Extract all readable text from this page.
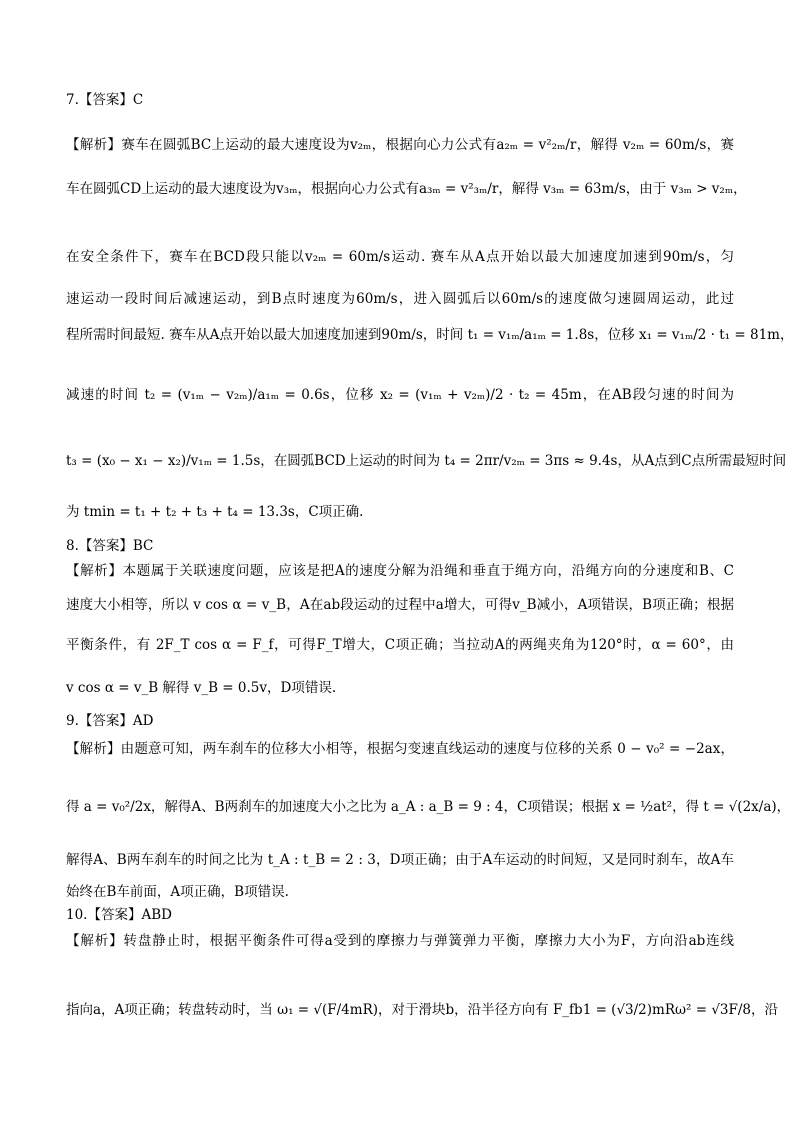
7.【答案】C
【解析】赛车在圆弧BC上运动的最大速度设为v₂ₘ，根据向心力公式有a₂ₘ = v²₂ₘ/r，解得 v₂ₘ = 60m/s，赛
车在圆弧CD上运动的最大速度设为v₃ₘ，根据向心力公式有a₃ₘ = v²₃ₘ/r，解得 v₃ₘ = 63m/s，由于 v₃ₘ > v₂ₘ，
在安全条件下，赛车在BCD段只能以v₂ₘ = 60m/s运动. 赛车从A点开始以最大加速度加速到90m/s，匀
速运动一段时间后减速运动，到B点时速度为60m/s，进入圆弧后以60m/s的速度做匀速圆周运动，此过
程所需时间最短. 赛车从A点开始以最大加速度加速到90m/s，时间 t₁ = v₁ₘ/a₁ₘ = 1.8s，位移 x₁ = v₁ₘ/2 · t₁ = 81m，
减速的时间 t₂ = (v₁ₘ − v₂ₘ)/a₁ₘ = 0.6s，位移 x₂ = (v₁ₘ + v₂ₘ)/2 · t₂ = 45m，在AB段匀速的时间为
t₃ = (x₀ − x₁ − x₂)/v₁ₘ = 1.5s，在圆弧BCD上运动的时间为 t₄ = 2πr/v₂ₘ = 3πs ≈ 9.4s，从A点到C点所需最短时间
为 tmin = t₁ + t₂ + t₃ + t₄ = 13.3s，C项正确.
8.【答案】BC
【解析】本题属于关联速度问题，应该是把A的速度分解为沿绳和垂直于绳方向，沿绳方向的分速度和B、C
速度大小相等，所以 v cos α = v_B，A在ab段运动的过程中a增大，可得v_B减小，A项错误，B项正确；根据
平衡条件，有 2F_T cos α = F_f，可得F_T增大，C项正确；当拉动A的两绳夹角为120°时，α = 60°，由
v cos α = v_B 解得 v_B = 0.5v，D项错误.
9.【答案】AD
【解析】由题意可知，两车刹车的位移大小相等，根据匀变速直线运动的速度与位移的关系 0 − v₀² = −2ax，
得 a = v₀²/2x，解得A、B两刹车的加速度大小之比为 a_A : a_B = 9 : 4，C项错误；根据 x = ½at²，得 t = √(2x/a)，
解得A、B两车刹车的时间之比为 t_A : t_B = 2 : 3，D项正确；由于A车运动的时间短，又是同时刹车，故A车
始终在B车前面，A项正确，B项错误.
10.【答案】ABD
【解析】转盘静止时，根据平衡条件可得a受到的摩擦力与弹簧弹力平衡，摩擦力大小为F，方向沿ab连线
指向a，A项正确；转盘转动时，当 ω₁ = √(F/4mR)，对于滑块b，沿半径方向有 F_fb1 = (√3/2)mRω² = √3F/8，沿
